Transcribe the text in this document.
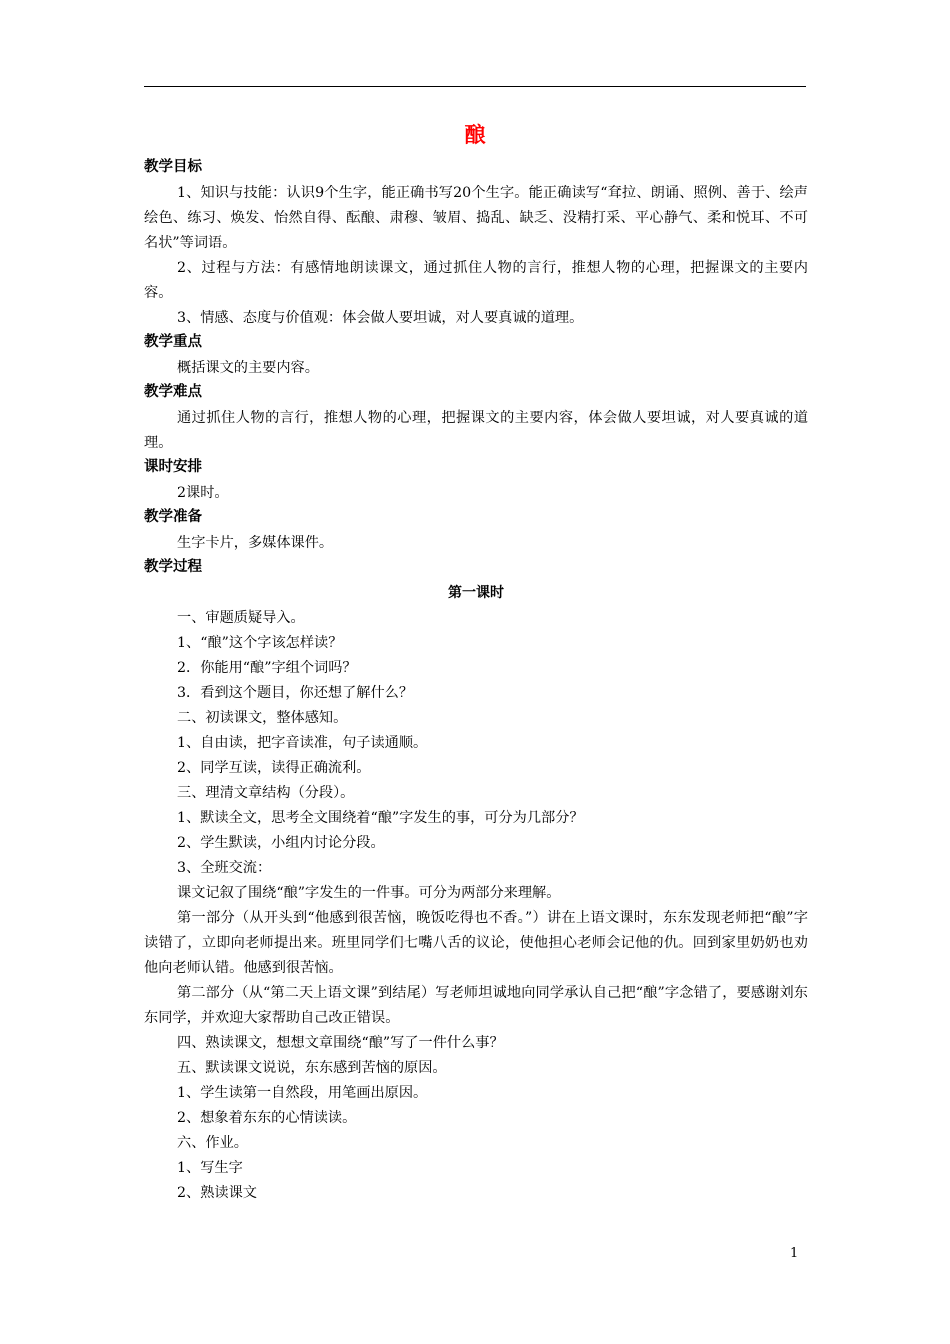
酿

教学目标

1、知识与技能：认识9个生字，能正确书写20个生字。能正确读写“耷拉、朗诵、照例、善于、绘声绘色、练习、焕发、怡然自得、酝酿、肃穆、皱眉、捣乱、缺乏、没精打采、平心静气、柔和悦耳、不可名状”等词语。

2、过程与方法：有感情地朗读课文，通过抓住人物的言行，推想人物的心理，把握课文的主要内容。

3、情感、态度与价值观：体会做人要坦诚，对人要真诚的道理。

教学重点

概括课文的主要内容。

教学难点

通过抓住人物的言行，推想人物的心理，把握课文的主要内容，体会做人要坦诚，对人要真诚的道理。

课时安排

2课时。

教学准备

生字卡片，多媒体课件。

教学过程

第一课时

一、审题质疑导入。

1、“酿”这个字该怎样读？

2．你能用“酿”字组个词吗？

3．看到这个题目，你还想了解什么？

二、初读课文，整体感知。

1、自由读，把字音读准，句子读通顺。

2、同学互读，读得正确流利。

三、理清文章结构（分段）。

1、默读全文，思考全文围绕着“酿”字发生的事，可分为几部分？

2、学生默读，小组内讨论分段。

3、全班交流：

课文记叙了围绕“酿”字发生的一件事。可分为两部分来理解。

第一部分（从开头到“他感到很苦恼，晚饭吃得也不香。”）讲在上语文课时，东东发现老师把“酿”字读错了，立即向老师提出来。班里同学们七嘴八舌的议论，使他担心老师会记他的仇。回到家里奶奶也劝他向老师认错。他感到很苦恼。

第二部分（从“第二天上语文课”到结尾）写老师坦诚地向同学承认自己把“酿”字念错了，要感谢刘东东同学，并欢迎大家帮助自己改正错误。

四、熟读课文，想想文章围绕“酿”写了一件什么事？

五、默读课文说说，东东感到苦恼的原因。

1、学生读第一自然段，用笔画出原因。

2、想象着东东的心情读读。

六、作业。

1、写生字

2、熟读课文

1
